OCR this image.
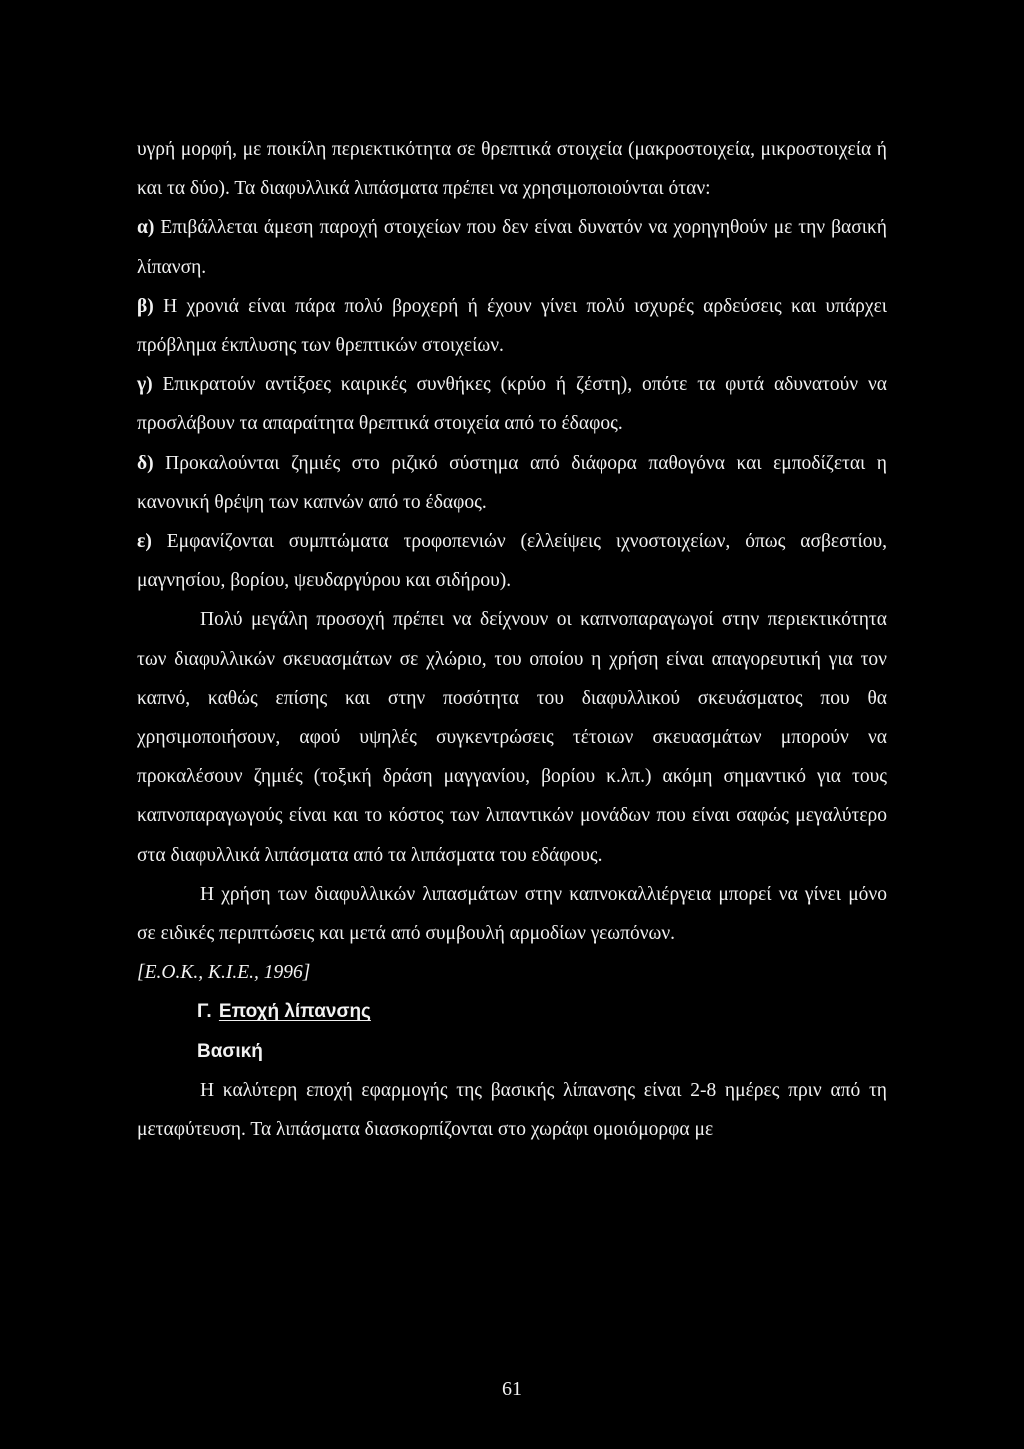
υγρή μορφή, με ποικίλη περιεκτικότητα σε θρεπτικά στοιχεία (μακροστοιχεία, μικροστοιχεία ή και τα δύο). Τα διαφυλλικά λιπάσματα πρέπει να χρησιμοποιούνται όταν:

α) Επιβάλλεται άμεση παροχή στοιχείων που δεν είναι δυνατόν να χορηγηθούν με την βασική λίπανση.

β) Η χρονιά είναι πάρα πολύ βροχερή ή έχουν γίνει πολύ ισχυρές αρδεύσεις και υπάρχει πρόβλημα έκπλυσης των θρεπτικών στοιχείων.

γ) Επικρατούν αντίξοες καιρικές συνθήκες (κρύο ή ζέστη), οπότε τα φυτά αδυνατούν να προσλάβουν τα απαραίτητα θρεπτικά στοιχεία από το έδαφος.

δ) Προκαλούνται ζημιές στο ριζικό σύστημα από διάφορα παθογόνα και εμποδίζεται η κανονική θρέψη των καπνών από το έδαφος.

ε) Εμφανίζονται συμπτώματα τροφοπενιών (ελλείψεις ιχνοστοιχείων, όπως ασβεστίου, μαγνησίου, βορίου, ψευδαργύρου και σιδήρου).

Πολύ μεγάλη προσοχή πρέπει να δείχνουν οι καπνοπαραγωγοί στην περιεκτικότητα των διαφυλλικών σκευασμάτων σε χλώριο, του οποίου η χρήση είναι απαγορευτική για τον καπνό, καθώς επίσης και στην ποσότητα του διαφυλλικού σκευάσματος που θα χρησιμοποιήσουν, αφού υψηλές συγκεντρώσεις τέτοιων σκευασμάτων μπορούν να προκαλέσουν ζημιές (τοξική δράση μαγγανίου, βορίου κ.λπ.) ακόμη σημαντικό για τους καπνοπαραγωγούς είναι και το κόστος των λιπαντικών μονάδων που είναι σαφώς μεγαλύτερο στα διαφυλλικά λιπάσματα από τα λιπάσματα του εδάφους.

Η χρήση των διαφυλλικών λιπασμάτων στην καπνοκαλλιέργεια μπορεί να γίνει μόνο σε ειδικές περιπτώσεις και μετά από συμβουλή αρμοδίων γεωπόνων.

[Ε.Ο.Κ., Κ.Ι.Ε., 1996]

Γ. Εποχή λίπανσης

Βασική

Η καλύτερη εποχή εφαρμογής της βασικής λίπανσης είναι 2-8 ημέρες πριν από τη μεταφύτευση. Τα λιπάσματα διασκορπίζονται στο χωράφι ομοιόμορφα με

61
